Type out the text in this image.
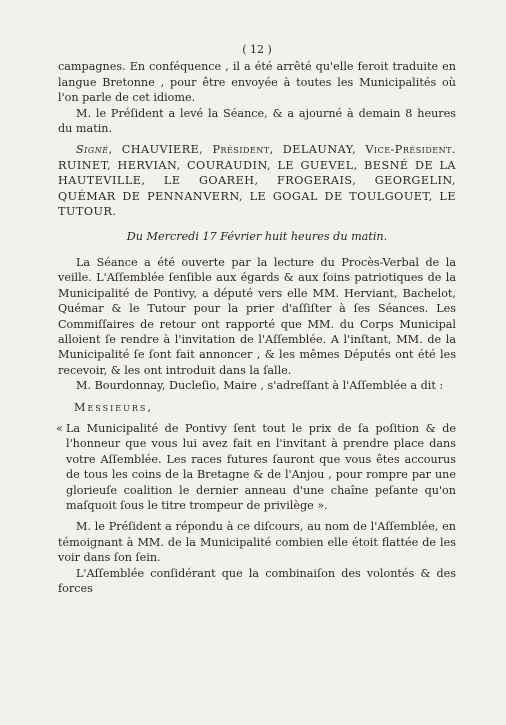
( 12 )

campagnes. En conféquence , il a été arrêté qu'elle feroit traduite en langue Bretonne , pour être envoyée à toutes les Municipalités où l'on parle de cet idiome.

M. le Préſident a levé la Séance, & a ajourné à demain 8 heures du matin.

Signé, CHAUVIERE, Préſident, DELAUNAY, Vice-Préſident. RUINET, HERVIAN, COURAUDIN, LE GUEVEL, BESNÉ DE LA HAUTEVILLE, LE GOAREH, FROGERAIS, GEORGELIN, QUÉMAR DE PENNANVERN, LE GOGAL DE TOULGOUET, LE TUTOUR.

Du Mercredi 17 Février huit heures du matin.

La Séance a été ouverte par la lecture du Procès-Verbal de la veille. L'Aſſemblée ſenſible aux égards & aux ſoins patriotiques de la Municipalité de Pontivy, a député vers elle MM. Herviant, Bachelot, Quémar & le Tutour pour la prier d'aſſiſter à ſes Séances. Les Commiſſaires de retour ont rapporté que MM. du Corps Municipal alloient ſe rendre à l'invitation de l'Aſſemblée. A l'inſtant, MM. de la Municipalité ſe ſont fait annoncer , & les mêmes Députés ont été les recevoir, & les ont introduit dans la ſalle.

M. Bourdonnay, Ducleſio, Maire , s'adreſſant à l'Aſſemblée a dit :

Messieurs,

« La Municipalité de Pontivy ſent tout le prix de ſa poſition & de l'honneur que vous lui avez fait en l'invitant à prendre place dans votre Aſſemblée. Les races futures ſauront que vous êtes accourus de tous les coins de la Bretagne & de l'Anjou , pour rompre par une glorieuſe coalition le dernier anneau d'une chaîne peſante qu'on maſquoit ſous le titre trompeur de privilège ».

M. le Préſident a répondu à ce diſcours, au nom de l'Aſſemblée, en témoignant à MM. de la Municipalité combien elle étoit flattée de les voir dans ſon ſein.

L'Aſſemblée conſidérant que la combinaiſon des volontés & des forces
